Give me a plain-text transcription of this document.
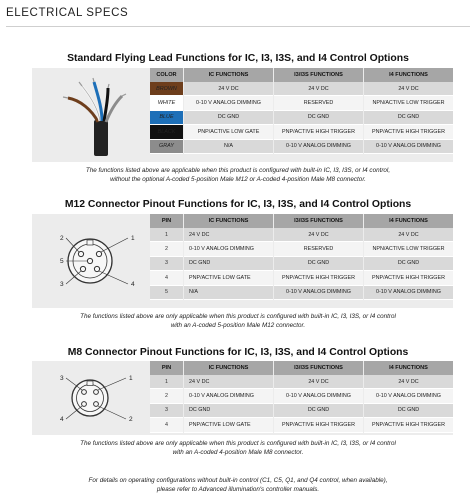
ELECTRICAL SPECS
Standard Flying Lead Functions for IC, I3, I3S, and I4 Control Options
COLOR	IC FUNCTIONS	I3/I3S FUNCTIONS	I4 FUNCTIONS
BROWN	24 V DC	24 V DC	24 V DC
WHITE	0-10 V ANALOG DIMMING	RESERVED	NPN/ACTIVE LOW TRIGGER
BLUE	DC GND	DC GND	DC GND
BLACK	PNP/ACTIVE LOW GATE	PNP/ACTIVE HIGH TRIGGER	PNP/ACTIVE HIGH TRIGGER
GRAY	N/A	0-10 V ANALOG DIMMING	0-10 V ANALOG DIMMING
The functions listed above are applicable when this product is configured with built-in IC, I3, I3S, or I4 control,
without the optional A-coded 5-position Male M12 or A-coded 4-position Male M8 connector.
M12 Connector Pinout Functions for IC, I3, I3S, and I4 Control Options
1
2
3	4
5
PIN	IC FUNCTIONS	I3/I3S FUNCTIONS	I4 FUNCTIONS
1	24 V DC	24 V DC	24 V DC
2	0-10 V ANALOG DIMMING	RESERVED	NPN/ACTIVE LOW TRIGGER
3	DC GND	DC GND	DC GND
4	PNP/ACTIVE LOW GATE	PNP/ACTIVE HIGH TRIGGER	PNP/ACTIVE HIGH TRIGGER
5	N/A	0-10 V ANALOG DIMMING	0-10 V ANALOG DIMMING
The functions listed above are only applicable when this product is configured with built-in IC, I3, I3S, or I4 control
with an A-coded 5-position Male M12 connector.
M8 Connector Pinout Functions for IC, I3, I3S, and I4 Control Options
3	1
4	2
PIN	IC FUNCTIONS	I3/I3S FUNCTIONS	I4 FUNCTIONS
1	24 V DC	24 V DC	24 V DC
2	0-10 V ANALOG DIMMING	0-10 V ANALOG DIMMING	0-10 V ANALOG DIMMING
3	DC GND	DC GND	DC GND
4	PNP/ACTIVE LOW GATE	PNP/ACTIVE HIGH TRIGGER	PNP/ACTIVE HIGH TRIGGER
The functions listed above are only applicable when this product is configured with built-in IC, I3, I3S, or I4 control
with an A-coded 4-position Male M8 connector.
For details on operating configurations without built-in control (C1, C5, Q1, and Q4 control, when available),
please refer to Advanced illumination's controller manuals.
